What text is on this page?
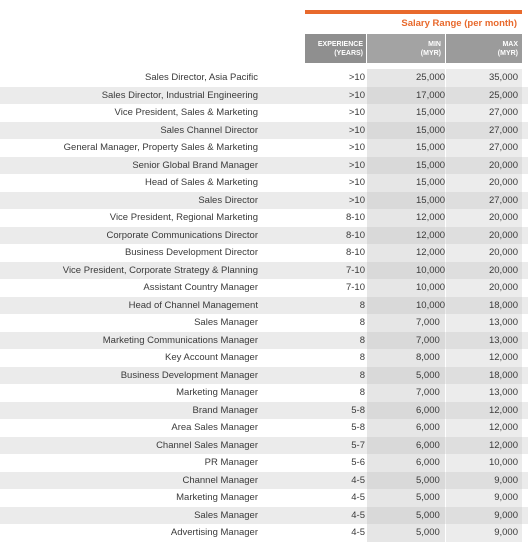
Salary Range (per month)
EXPERIENCE
(YEARS)
MIN
(MYR)
MAX
(MYR)
Sales Director, Asia Pacific	>10	25,000	35,000
Sales Director, Industrial Engineering	>10	17,000	25,000
Vice President, Sales & Marketing	>10	15,000	27,000
Sales Channel Director	>10	15,000	27,000
General Manager, Property Sales & Marketing	>10	15,000	27,000
Senior Global Brand Manager	>10	15,000	20,000
Head of Sales & Marketing	>10	15,000	20,000
Sales Director	>10	15,000	27,000
Vice President, Regional Marketing	8-10	12,000	20,000
Corporate Communications Director	8-10	12,000	20,000
Business Development Director	8-10	12,000	20,000
Vice President, Corporate Strategy & Planning	7-10	10,000	20,000
Assistant Country Manager	7-10	10,000	20,000
Head of Channel Management	8	10,000	18,000
Sales Manager	8	7,000	13,000
Marketing Communications Manager	8	7,000	13,000
Key Account Manager	8	8,000	12,000
Business Development Manager	8	5,000	18,000
Marketing Manager	8	7,000	13,000
Brand Manager	5-8	6,000	12,000
Area Sales Manager	5-8	6,000	12,000
Channel Sales Manager	5-7	6,000	12,000
PR Manager	5-6	6,000	10,000
Channel Manager	4-5	5,000	9,000
Marketing Manager	4-5	5,000	9,000
Sales Manager	4-5	5,000	9,000
Advertising Manager	4-5	5,000	9,000
